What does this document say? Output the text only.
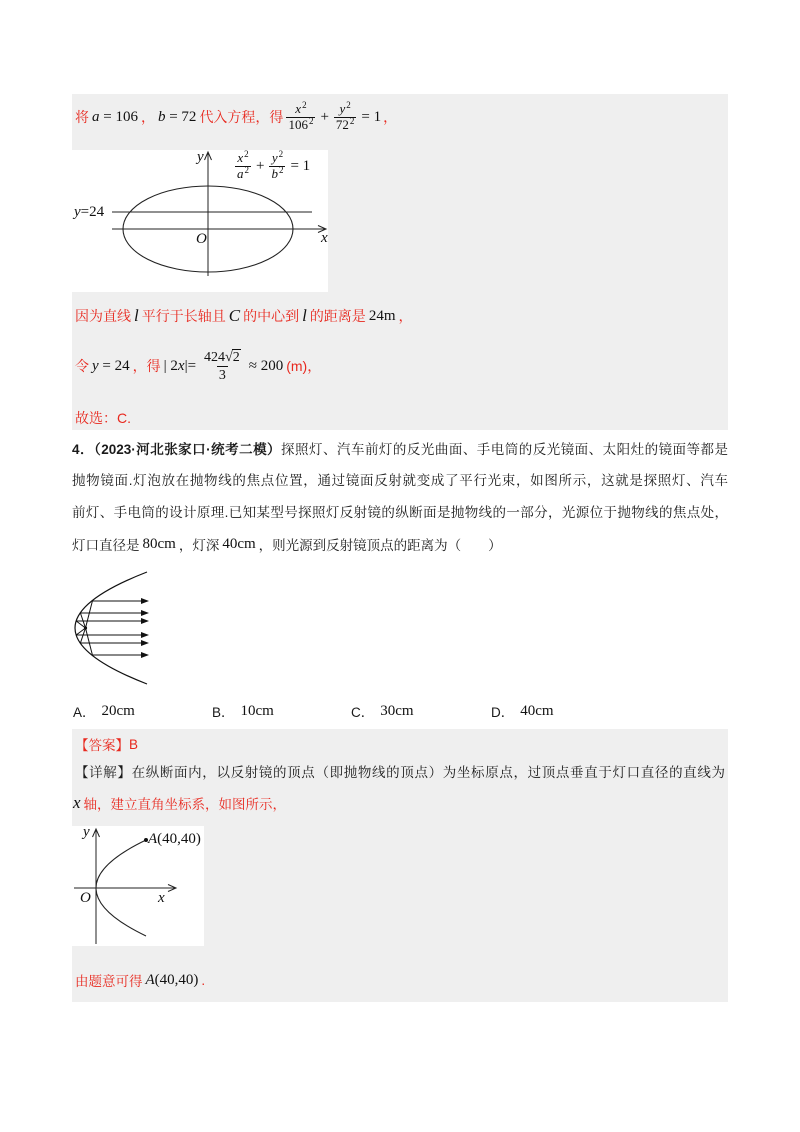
将 a = 106 ， b = 72 代入方程，得 $\frac{x^2}{106^2} + \frac{y^2}{72^2} = 1$ ，
y
x
O
y=24
$\frac{x^2}{a^2} + \frac{y^2}{b^2} = 1$
因为直线 l 平行于长轴且 C 的中心到 l 的距离是 24m ，
令 y = 24 ，得 | $2x|= \frac{424√2}{3} \approx 200$ (m)，
故选：C.
4．（2023·河北张家口·统考二模）探照灯、汽车前灯的反光曲面、手电筒的反光镜面、太阳灶的镜面等都是
抛物镜面.灯泡放在抛物线的焦点位置，通过镜面反射就变成了平行光束，如图所示，这就是探照灯、汽车
前灯、手电筒的设计原理.已知某型号探照灯反射镜的纵断面是抛物线的一部分，光源位于抛物线的焦点处，
灯口直径是 80cm ，灯深 40cm ，则光源到反射镜顶点的距离为（　　）
A． 20cm	B． 10cm	C． 30cm	D． 40cm
【答案】 B
【详解】在纵断面内，以反射镜的顶点（即抛物线的顶点）为坐标原点，过顶点垂直于灯口直径的直线为
x 轴，建立直角坐标系，如图所示，
y
x
O
A(40,40)
由题意可得 A(40,40) .
